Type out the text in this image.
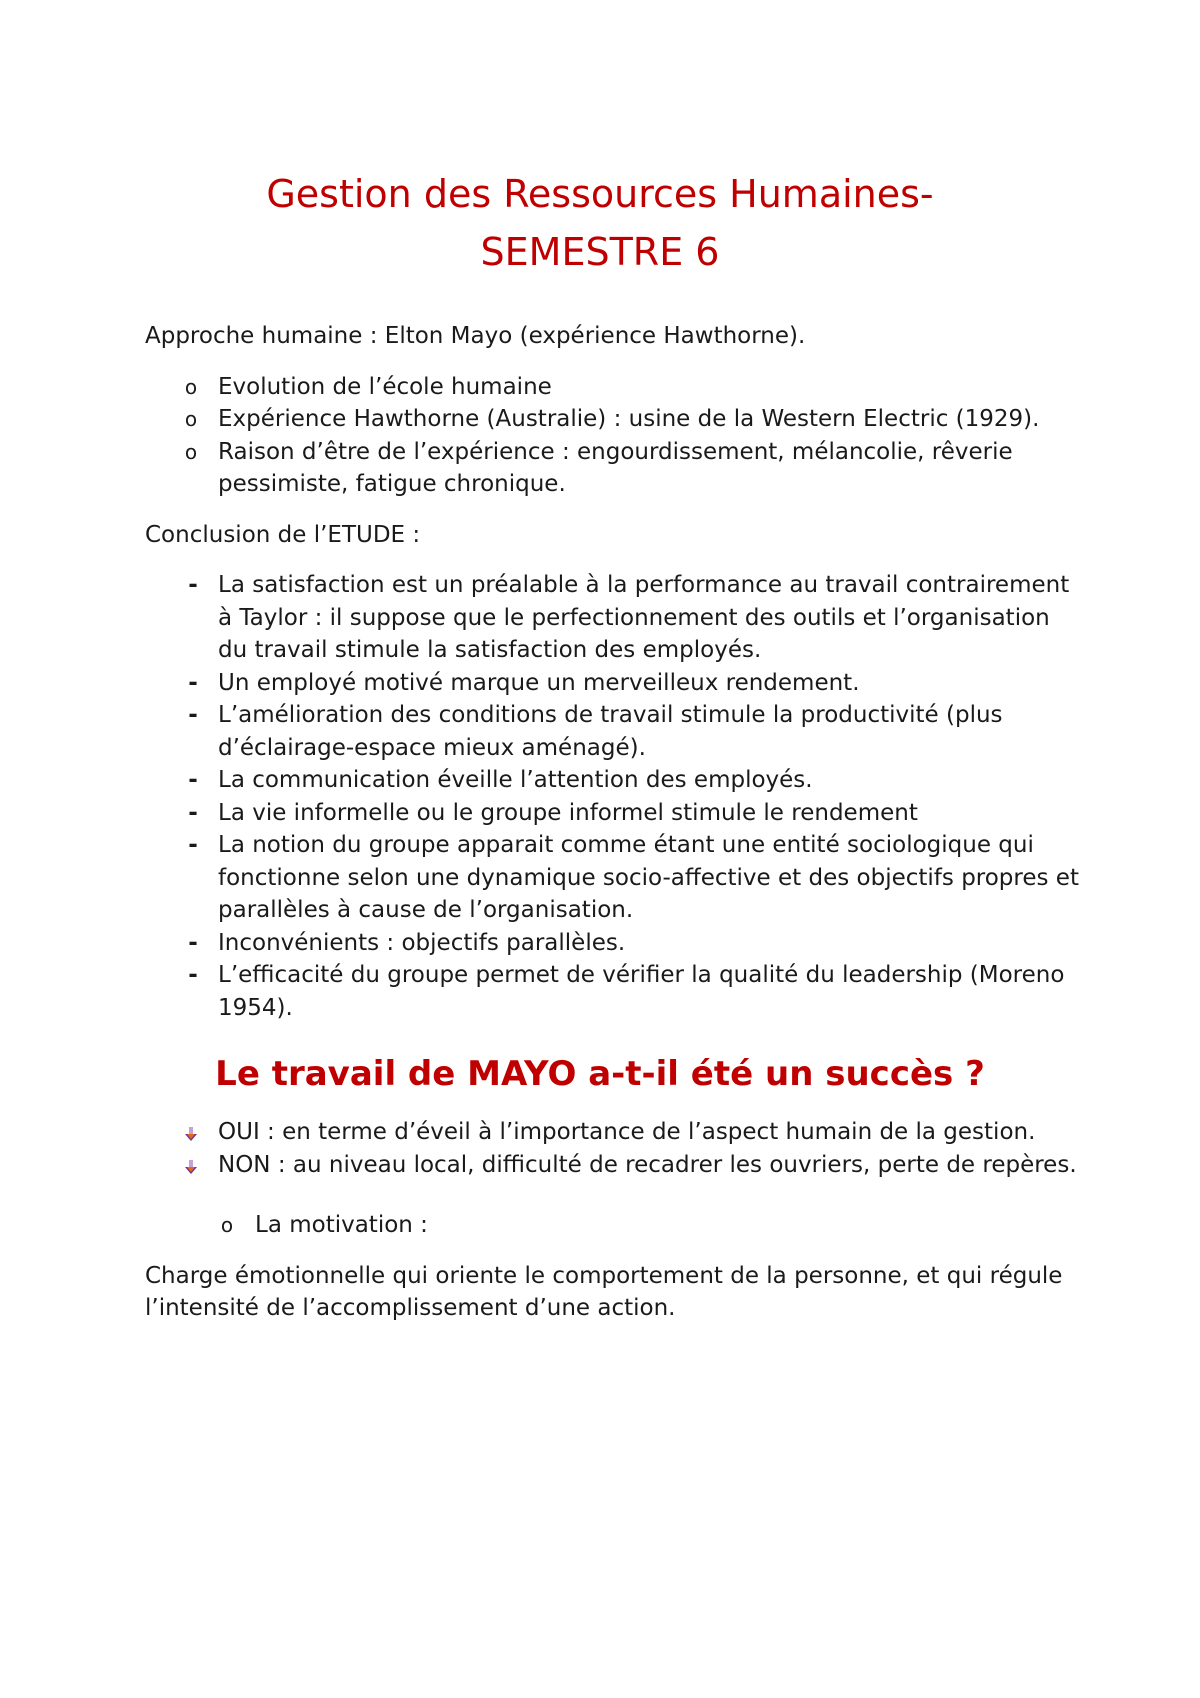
Gestion des Ressources Humaines-
SEMESTRE 6

Approche humaine : Elton Mayo (expérience Hawthorne).

o Evolution de l’école humaine
o Expérience Hawthorne (Australie) : usine de la Western Electric (1929).
o Raison d’être de l’expérience : engourdissement, mélancolie, rêverie pessimiste, fatigue chronique.

Conclusion de l’ETUDE :

- La satisfaction est un préalable à la performance au travail contrairement à Taylor : il suppose que le perfectionnement des outils et l’organisation du travail stimule la satisfaction des employés.
- Un employé motivé marque un merveilleux rendement.
- L’amélioration des conditions de travail stimule la productivité (plus d’éclairage-espace mieux aménagé).
- La communication éveille l’attention des employés.
- La vie informelle ou le groupe informel stimule le rendement
- La notion du groupe apparait comme étant une entité sociologique qui fonctionne selon une dynamique socio-affective et des objectifs propres et parallèles à cause de l’organisation.
- Inconvénients : objectifs parallèles.
- L’efficacité du groupe permet de vérifier la qualité du leadership (Moreno 1954).
Le travail de MAYO a-t-il été un succès ?
OUI : en terme d’éveil à l’importance de l’aspect humain de la gestion.
NON : au niveau local, difficulté de recadrer les ouvriers, perte de repères.
o La motivation :

Charge émotionnelle qui oriente le comportement de la personne, et qui régule l’intensité de l’accomplissement d’une action.
